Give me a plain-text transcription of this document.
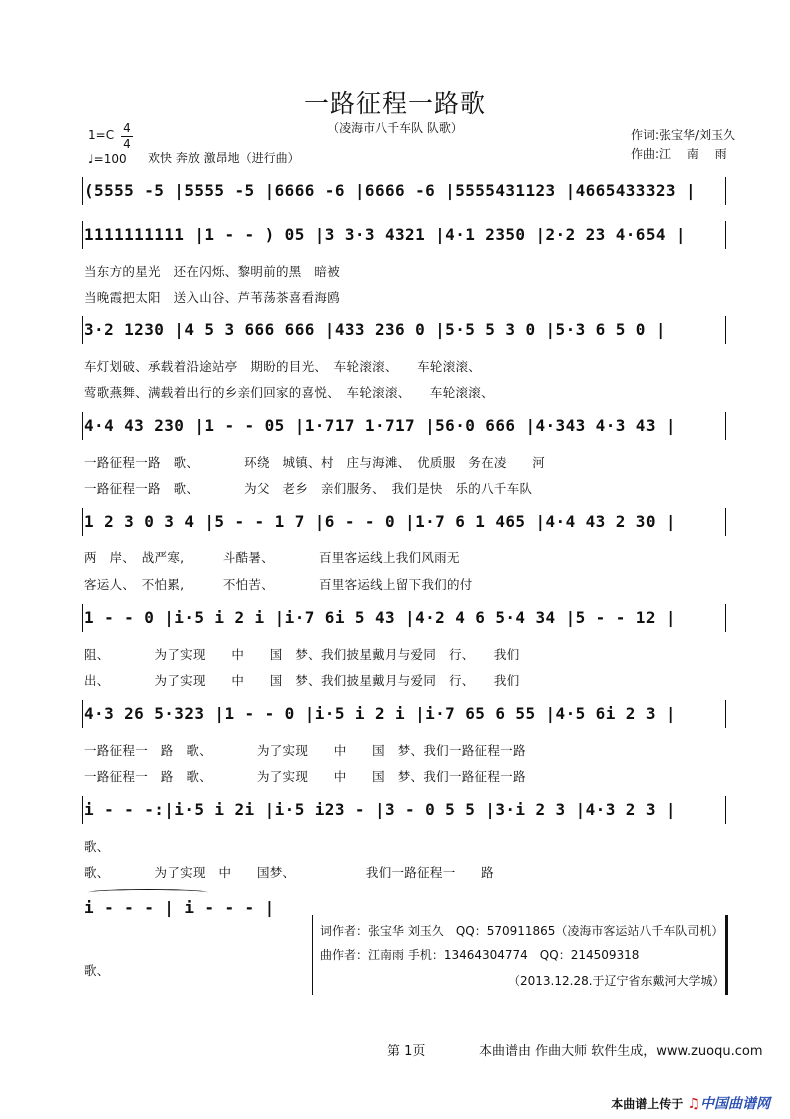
一路征程一路歌
（凌海市八千车队 队歌）
1=C 4
4
♩=100 欢快 奔放 激昂地（进行曲）
作词:张宝华/刘玉久
作曲:江　 南　 雨
(5555 -5 |5555 -5 |6666 -6 |6666 -6 |5555431123 |4665433323 |
1111111111 |1 - - ) 05 |3 3·3 4321 |4·1 2350 |2·2 23 4·654 |
当东方的星光　还在闪烁、黎明前的黑　暗被
当晚霞把太阳　送入山谷、芦苇荡茶喜看海鸥
3·2 1230 |4 5 3 666 666 |433 236 0 |5·5 5 3 0 |5·3 6 5 0 |
车灯划破、承载着沿途站亭　期盼的目光、　车轮滚滚、　　车轮滚滚、
莺歌燕舞、满载着出行的乡亲们回家的喜悦、　车轮滚滚、　　车轮滚滚、
4·4 43 230 |1 - - 05 |1·717 1·717 |56·0 666 |4·343 4·3 43 |
一路征程一路　歌、　　　　环绕　城镇、村　庄与海滩、　优质服　务在凌　　河
一路征程一路　歌、　　　　为父　老乡　亲们服务、　我们是快　乐的八千车队
1 2 3 0 3 4 |5 - - 1 7 |6 - - 0 |1·7 6 1 465 |4·4 43 2 30 |
两　岸、　战严寒,　　　斗酷暑、　　　　百里客运线上我们风雨无
客运人、　不怕累,　　　不怕苦、　　　　百里客运线上留下我们的付
1 - - 0 |i·5 i 2 i |i·7 6i 5 43 |4·2 4 6 5·4 34 |5 - - 12 |
阻、　　　　为了实现　　中　　国　梦、我们披星戴月与爱同　行、　　我们
出、　　　　为了实现　　中　　国　梦、我们披星戴月与爱同　行、　　我们
4·3 26 5·323 |1 - - 0 |i·5 i 2 i |i·7 65 6 55 |4·5 6i 2 3 |
一路征程一　路　歌、　　　　为了实现　　中　　国　梦、我们一路征程一路
一路征程一　路　歌、　　　　为了实现　　中　　国　梦、我们一路征程一路
i - - -:|i·5 i 2i |i·5 i23 - |3 - 0 5 5 |3·i 2 3 |4·3 2 3 |
歌、
歌、　　　　为了实现　中　　国梦、　　　　　　我们一路征程一　　路
i - - - | i - - - |
歌、
词作者：张宝华 刘玉久　QQ：570911865（凌海市客运站八千车队司机）
曲作者：江南雨 手机：13464304774　QQ：214509318
（2013.12.28.于辽宁省东戴河大学城）
第 1页	本曲谱由 作曲大师 软件生成，www.zuoqu.com
本曲谱上传于 ♫中国曲谱网
